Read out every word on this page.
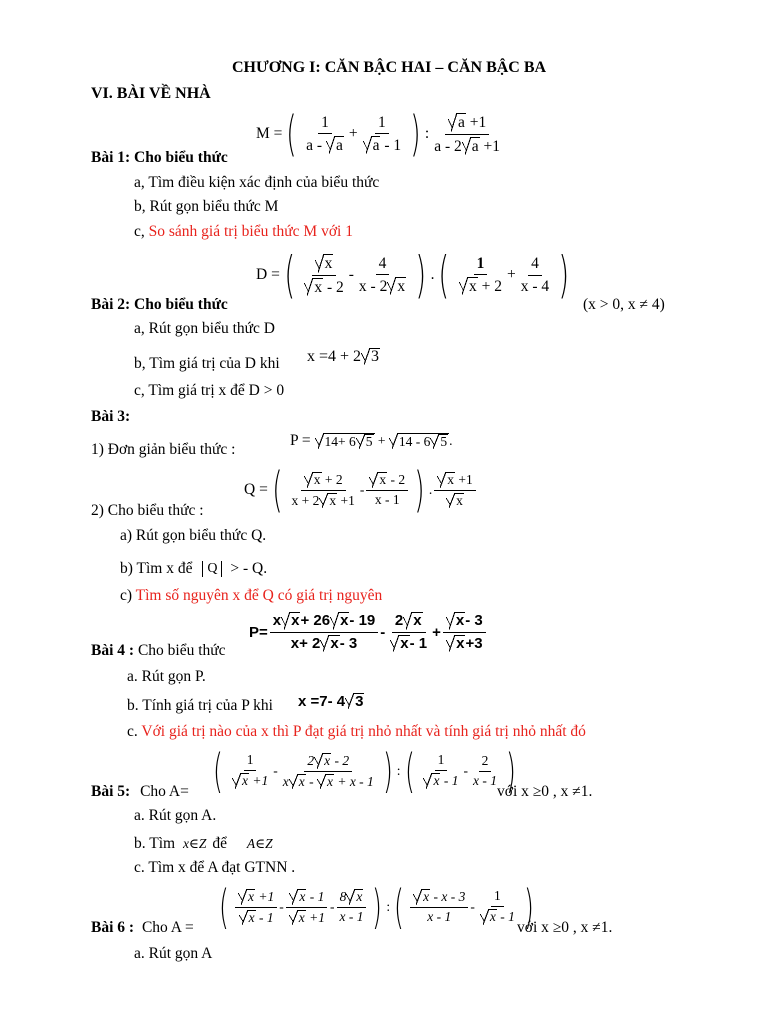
CHƯƠNG I: CĂN BẬC HAI – CĂN BẬC BA
VI. BÀI VỀ NHÀ
M = ( $\frac{1}{a - a} + \frac{1}{a - 1}$ ) : $\frac{a +1}{a - 2 a +1}$
Bài 1: Cho biểu thức
a, Tìm điều kiện xác định của biểu thức
b, Rút gọn biểu thức M
c, So sánh giá trị biểu thức M với 1
D = ( $\frac{x}{x - 2} - \frac{4}{x - 2 x}$ ) . ( $\frac{1}{x + 2} + \frac{4}{x - 4}$ )
Bài 2: Cho biểu thức	(x > 0, x ≠ 4)
a, Rút gọn biểu thức D
b, Tìm giá trị của D khi x =4 + 2 3
c, Tìm giá trị x để D > 0
Bài 3:
1) Đơn giản biểu thức :
P = 14+ 6 5 + 14 - 6 5 .
2) Cho biểu thức :
Q = ( $\frac{x + 2}{x + 2 x +1} - \frac{x - 2}{x - 1}$ ) . $\frac{x +1}{x}$
a) Rút gọn biểu thức Q.
b) Tìm x để Q > - Q.
c) Tìm số nguyên x để Q có giá trị nguyên
$P= \frac{\text{x x+ 26 x- 19}}{x+ 2 x- 3} - \frac{2 x}{x- 1} + \frac{x- 3}{x+3}$
Bài 4 : Cho biểu thức
a. Rút gọn P.
b. Tính giá trị của P khi x =7- 4 3
c. Với giá trị nào của x thì P đạt giá trị nhỏ nhất và tính giá trị nhỏ nhất đó
( $\frac{1}{x +1} - \frac{2 x - 2}{\text{x x - x + x - 1}}$ ) : ( $\frac{1}{x - 1} - \frac{2}{x - 1}$ )
Bài 5: Cho A=	với x ≥0 , x ≠1.
a. Rút gọn A.
b. Tìm x∈Z để A∈Z
c. Tìm x để A đạt GTNN .
( $\frac{x +1}{x - 1} - \frac{x - 1}{x +1} - \frac{8 x}{x - 1}$ ) : ( $\frac{x - x - 3}{x - 1} - \frac{1}{x - 1}$ )
Bài 6 : Cho A =	với x ≥0 , x ≠1.
a. Rút gọn A
